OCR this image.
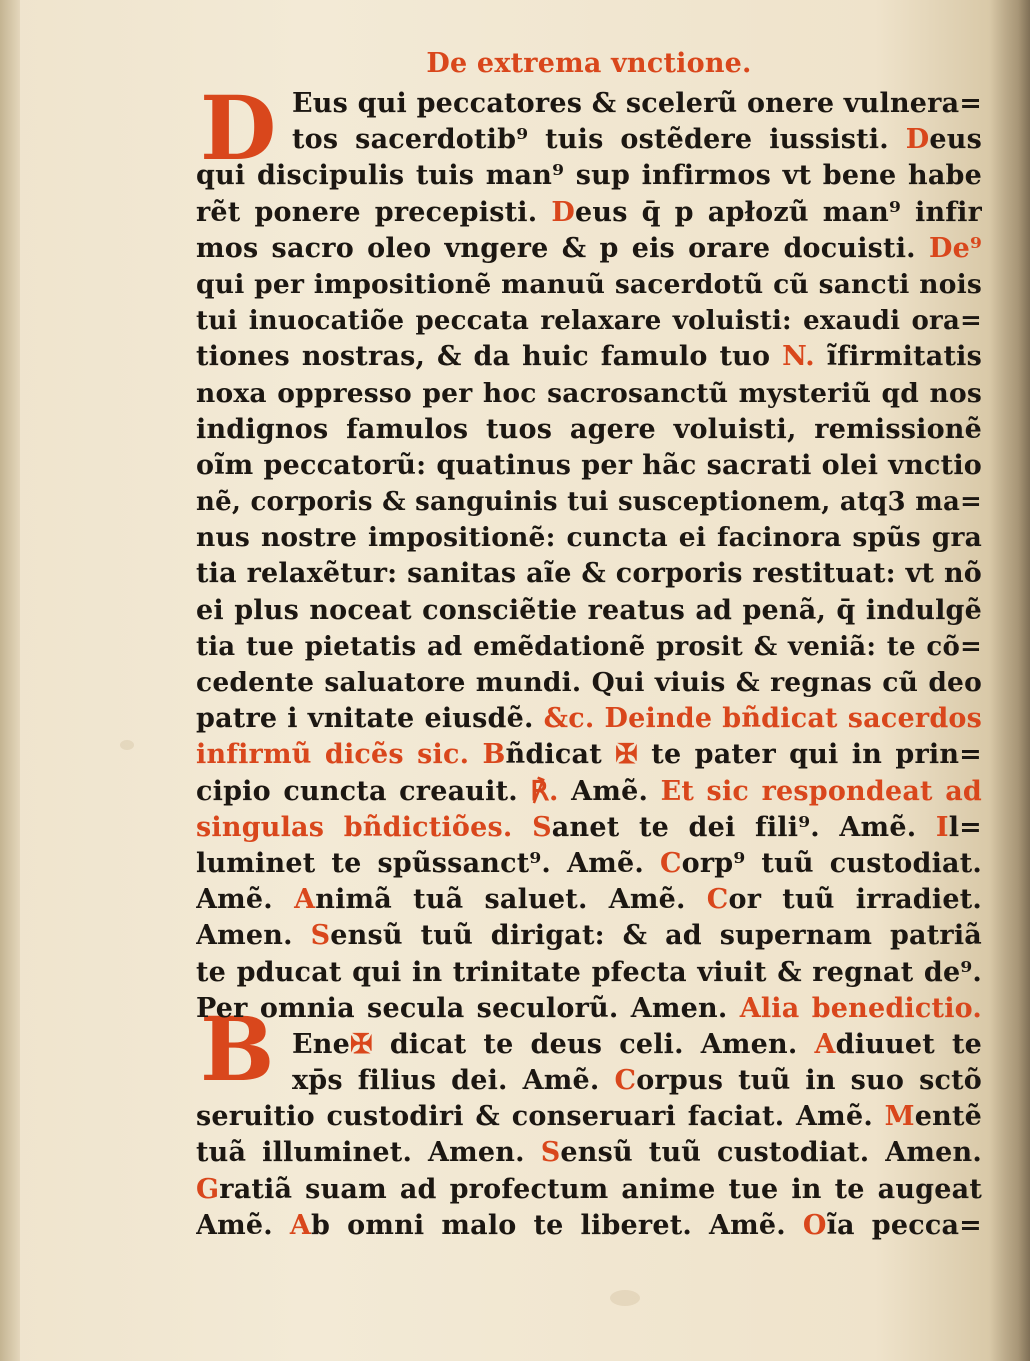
D
B
De extrema vnctione.
Eus qui peccatores & scelerũ onere vulnera=
tos sacerdotib⁹ tuis ostẽdere iussisti. Deus
qui discipulis tuis man⁹ sup infirmos vt bene habe
rẽt ponere precepisti. Deus q̄ p apłozũ man⁹ infir
mos sacro oleo vngere & p eis orare docuisti. De⁹
qui per impositionẽ manuũ sacerdotũ cũ sancti nois
tui inuocatiõe peccata relaxare voluisti: exaudi ora=
tiones nostras, & da huic famulo tuo N. ĩfirmitatis
noxa oppresso per hoc sacrosanctũ mysteriũ qd nos
indignos famulos tuos agere voluisti, remissionẽ
oĩm peccatorũ: quatinus per hãc sacrati olei vnctio
nẽ, corporis & sanguinis tui susceptionem, atq3 ma=
nus nostre impositionẽ: cuncta ei facinora spũs gra
tia relaxẽtur: sanitas aĩe & corporis restituat: vt nõ
ei plus noceat consciẽtie reatus ad penã, q̄ indulgẽ
tia tue pietatis ad emẽdationẽ prosit & veniã: te cõ=
cedente saluatore mundi. Qui viuis & regnas cũ deo
patre i vnitate eiusdẽ. &c. Deinde bñdicat sacerdos
infirmũ dicẽs sic. Bñdicat ✠ te pater qui in prin=
cipio cuncta creauit. ℟. Amẽ. Et sic respondeat ad
singulas bñdictiões. Sanet te dei fili⁹. Amẽ. Il=
luminet te spũssanct⁹. Amẽ. Corp⁹ tuũ custodiat.
Amẽ. Animã tuã saluet. Amẽ. Cor tuũ irradiet.
Amen. Sensũ tuũ dirigat: & ad supernam patriã
te pducat qui in trinitate pfecta viuit & regnat de⁹.
Per omnia secula seculorũ. Amen. Alia benedictio.
Ene✠ dicat te deus celi. Amen. Adiuuet te
xp̄s filius dei. Amẽ. Corpus tuũ in suo sctõ
seruitio custodiri & conseruari faciat. Amẽ. Mentẽ
tuã illuminet. Amen. Sensũ tuũ custodiat. Amen.
Gratiã suam ad profectum anime tue in te augeat
Amẽ. Ab omni malo te liberet. Amẽ. Oĩa pecca=
